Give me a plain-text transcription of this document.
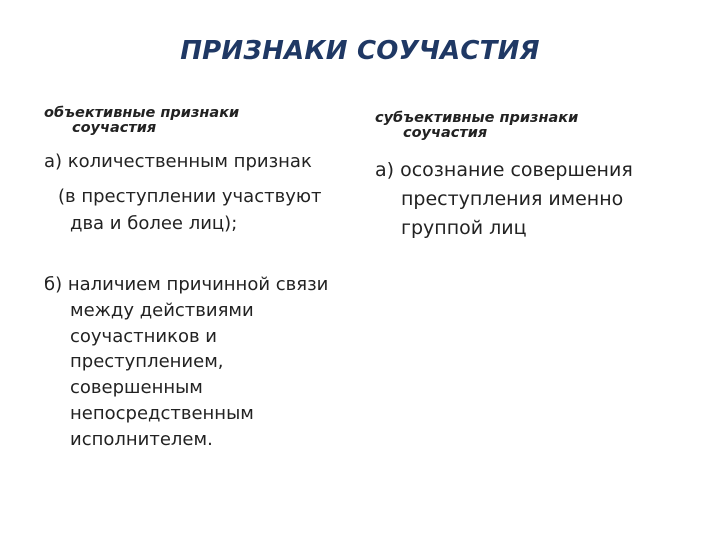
ПРИЗНАКИ СОУЧАСТИЯ
объективные признаки
соучастия
а) количественным признак
(в преступлении участвуют
два и более лиц);
б) наличием причинной связи
между действиями
соучастников и
преступлением,
совершенным
непосредственным
исполнителем.
субъективные признаки
соучастия
а) осознание совершения
преступления именно
группой лиц
